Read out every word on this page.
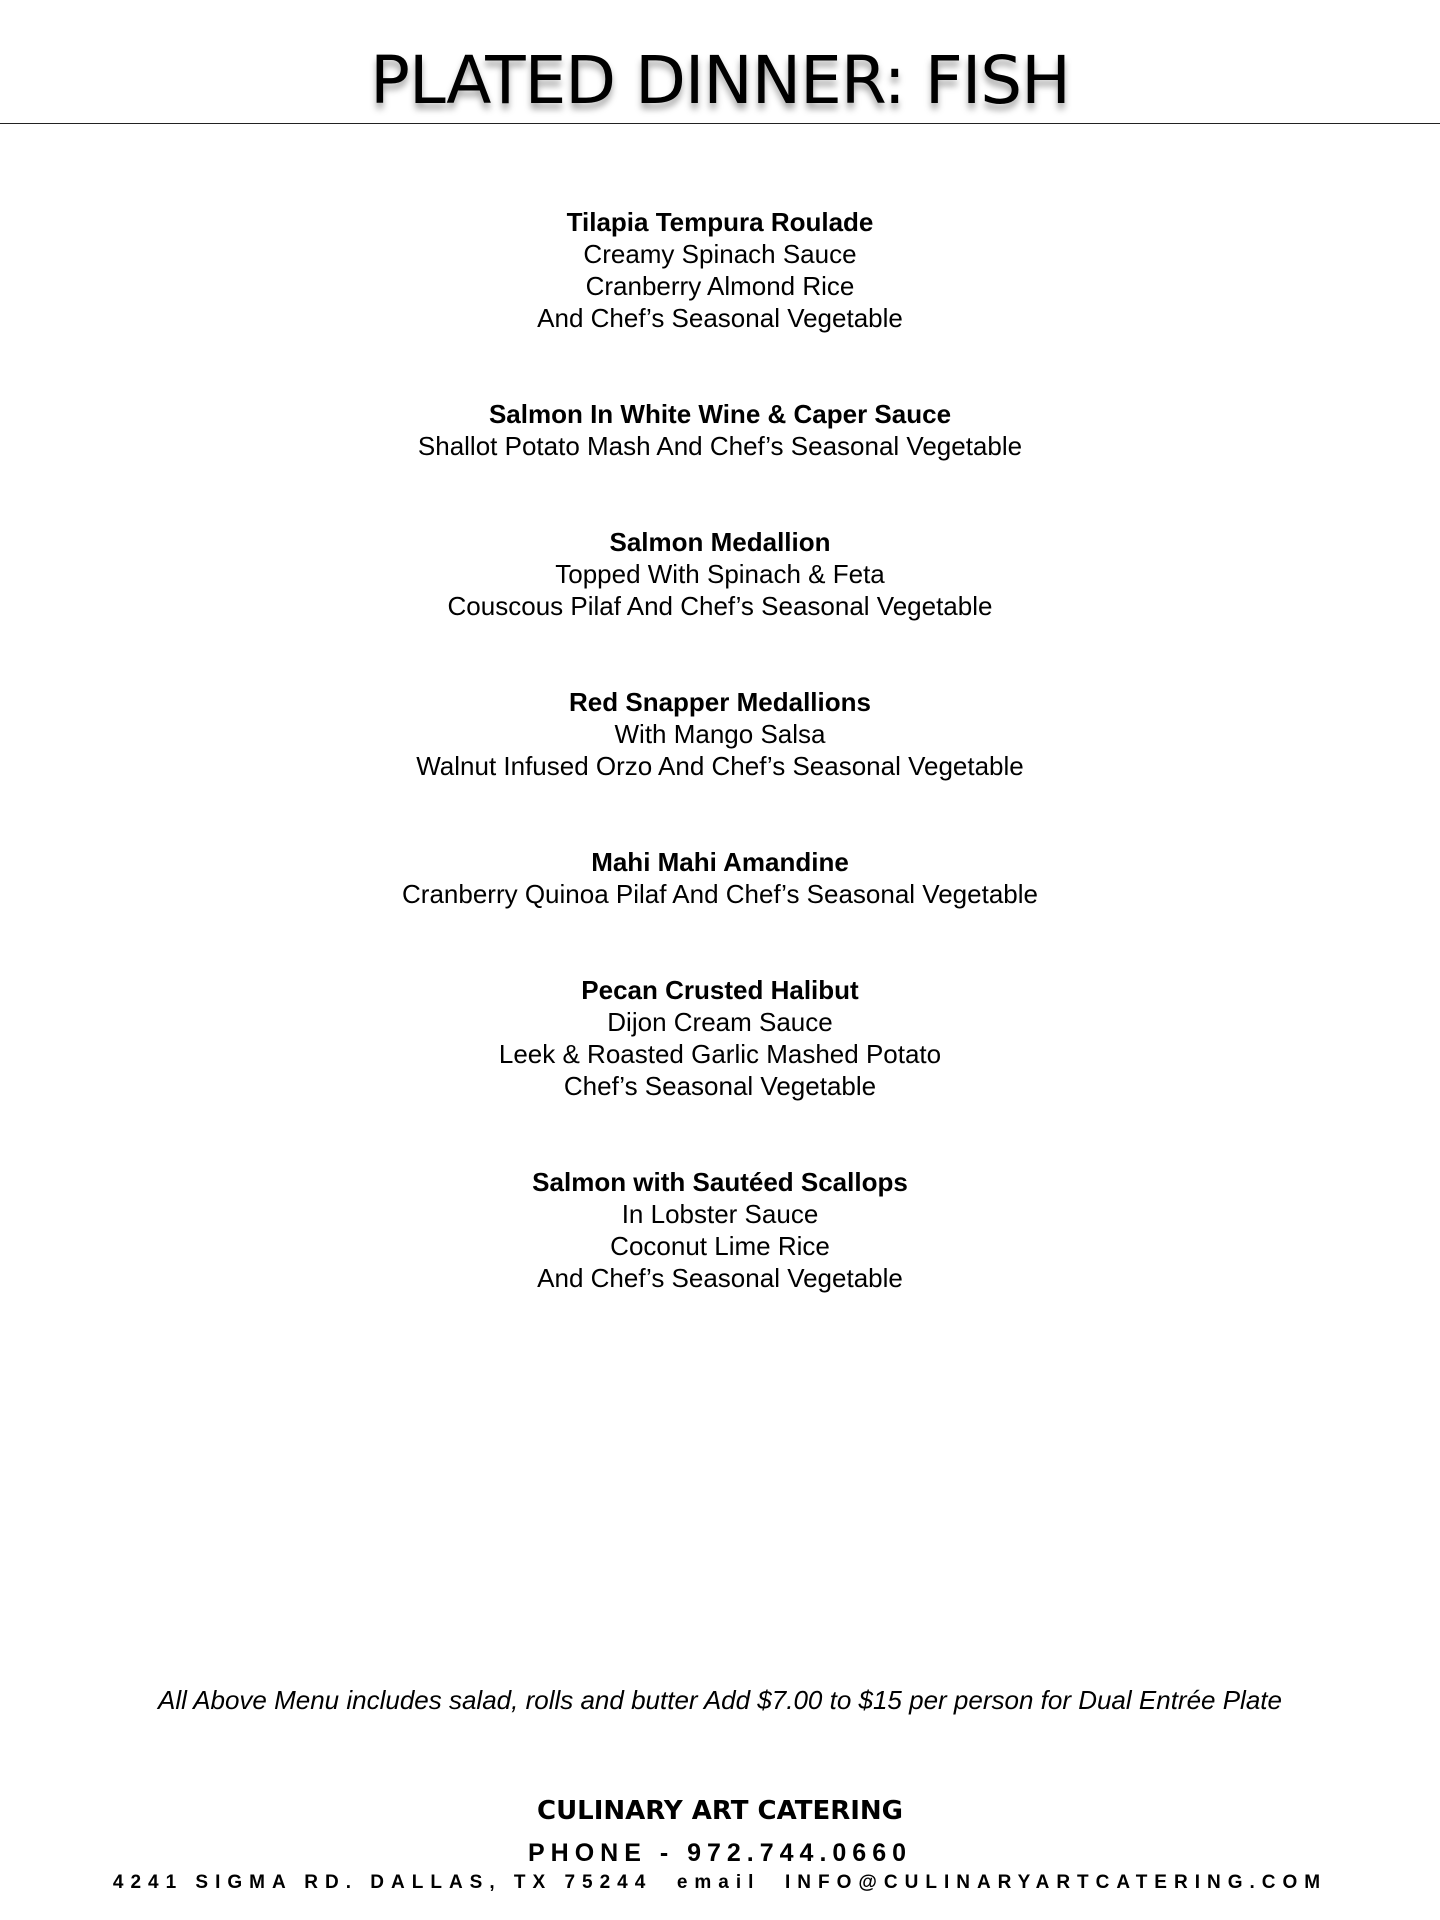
PLATED DINNER: FISH
Tilapia Tempura Roulade
Creamy Spinach Sauce
Cranberry Almond Rice
And Chef’s Seasonal Vegetable
Salmon In White Wine & Caper Sauce
Shallot Potato Mash And Chef’s Seasonal Vegetable
Salmon Medallion
Topped With Spinach & Feta
Couscous Pilaf And Chef’s Seasonal Vegetable
Red Snapper Medallions
With Mango Salsa
Walnut Infused Orzo And Chef’s Seasonal Vegetable
Mahi Mahi Amandine
Cranberry Quinoa Pilaf And Chef’s Seasonal Vegetable
Pecan Crusted Halibut
Dijon Cream Sauce
Leek & Roasted Garlic Mashed Potato
Chef’s Seasonal Vegetable
Salmon with Sautéed Scallops
In Lobster Sauce
Coconut Lime Rice
And Chef’s Seasonal Vegetable
All Above Menu includes salad, rolls and butter Add $7.00 to $15 per person for Dual Entrée Plate
CULINARY ART CATERING
PHONE - 972.744.0660
4241 SIGMA RD. DALLAS, TX 75244  email  INFO@CULINARYARTCATERING.COM
